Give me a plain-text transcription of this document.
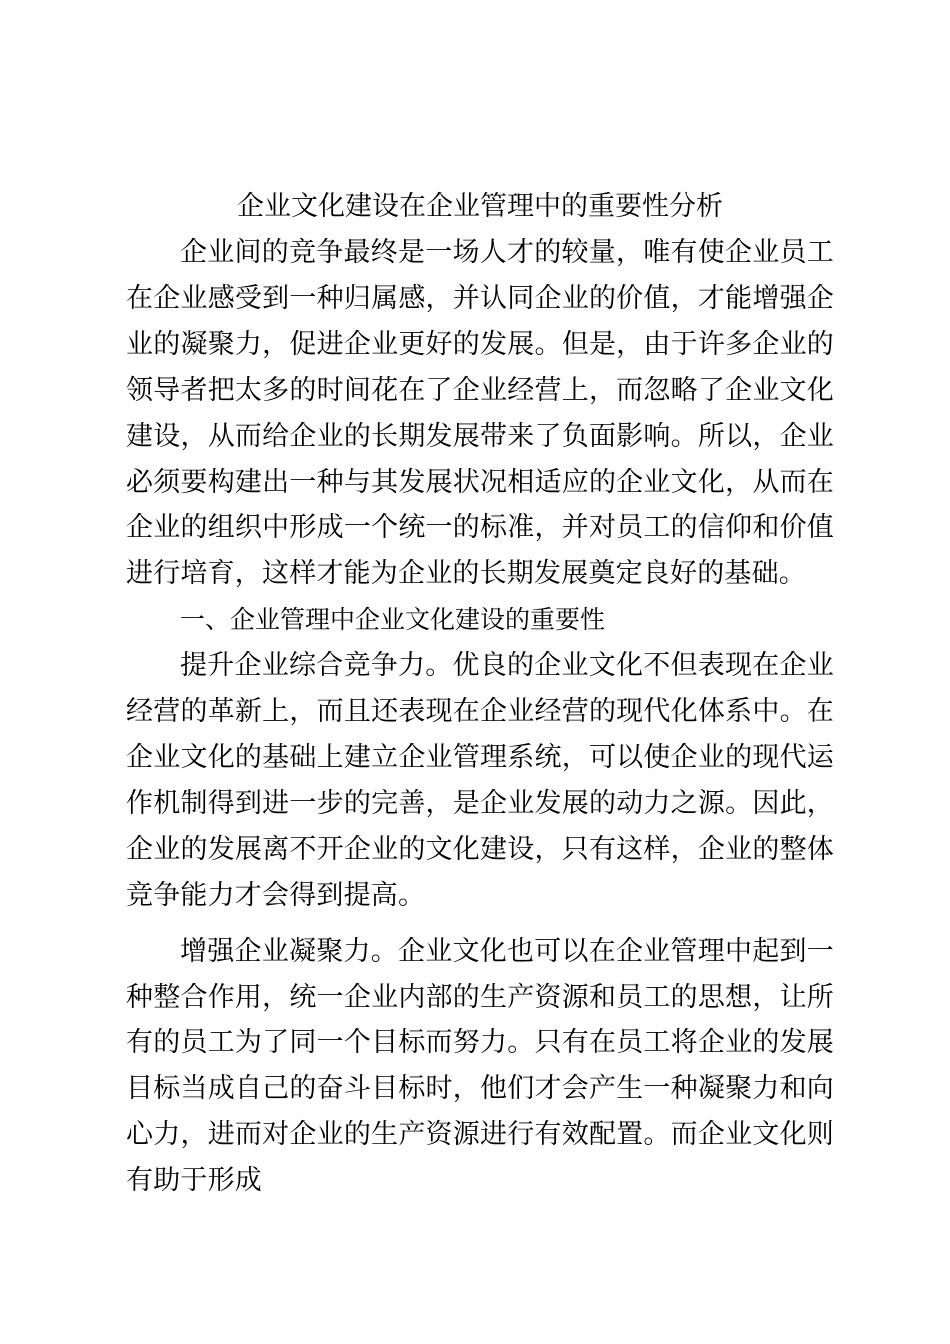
企业文化建设在企业管理中的重要性分析

企业间的竞争最终是一场人才的较量，唯有使企业员工在企业感受到一种归属感，并认同企业的价值，才能增强企业的凝聚力，促进企业更好的发展。但是，由于许多企业的领导者把太多的时间花在了企业经营上，而忽略了企业文化建设，从而给企业的长期发展带来了负面影响。所以，企业必须要构建出一种与其发展状况相适应的企业文化，从而在企业的组织中形成一个统一的标准，并对员工的信仰和价值进行培育，这样才能为企业的长期发展奠定良好的基础。

一、企业管理中企业文化建设的重要性

提升企业综合竞争力。优良的企业文化不但表现在企业经营的革新上，而且还表现在企业经营的现代化体系中。在企业文化的基础上建立企业管理系统，可以使企业的现代运作机制得到进一步的完善，是企业发展的动力之源。因此，企业的发展离不开企业的文化建设，只有这样，企业的整体竞争能力才会得到提高。

增强企业凝聚力。企业文化也可以在企业管理中起到一种整合作用，统一企业内部的生产资源和员工的思想，让所有的员工为了同一个目标而努力。只有在员工将企业的发展目标当成自己的奋斗目标时，他们才会产生一种凝聚力和向心力，进而对企业的生产资源进行有效配置。而企业文化则有助于形成
